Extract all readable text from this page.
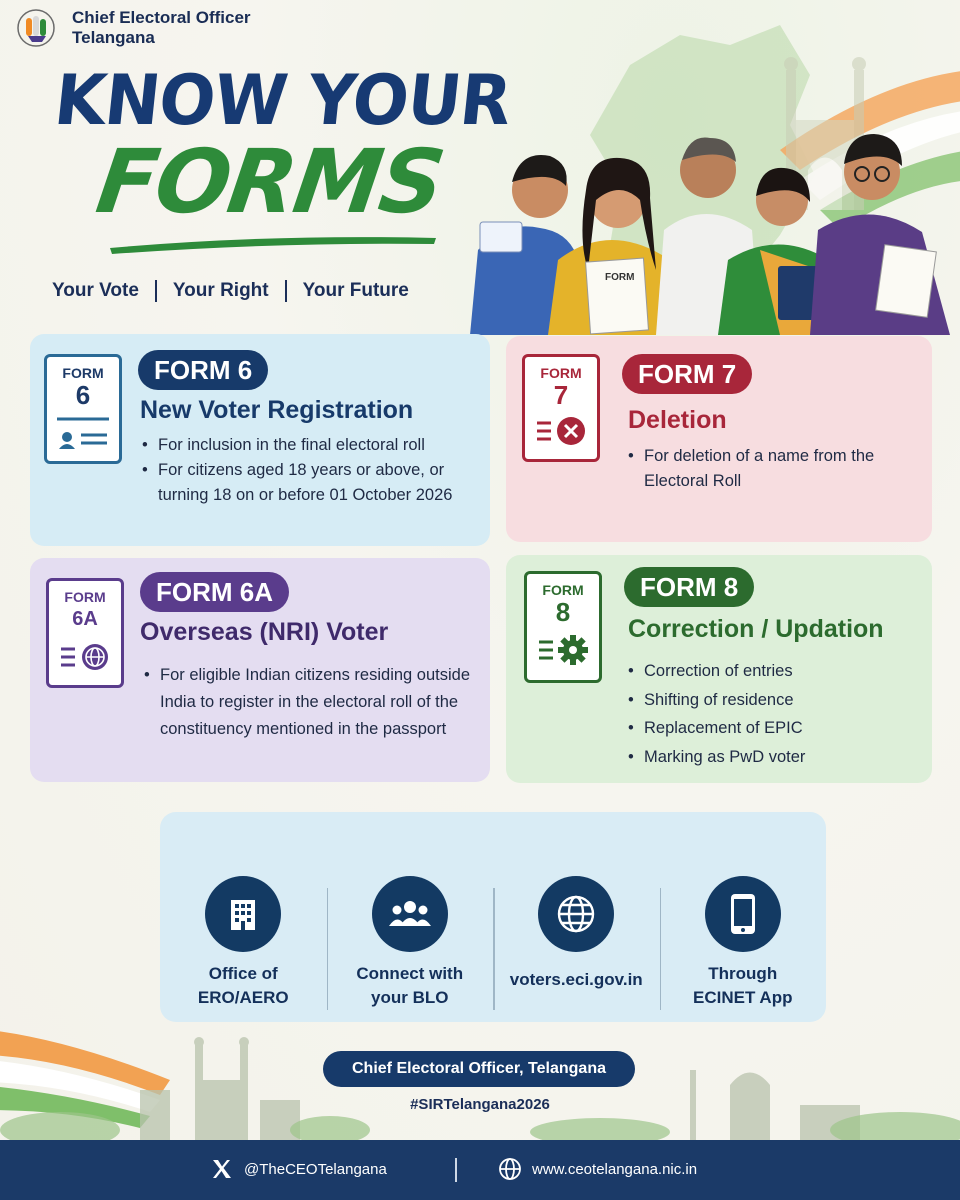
Chief Electoral Officer
Telangana
KNOW YOUR
FORMS
Your Vote Your Right Your Future
FORM
FORM
6
FORM 6
New Voter Registration
• For inclusion in the final electoral roll
• For citizens aged 18 years or above, or turning 18 on or before 01 October 2026
FORM
7
FORM 7
Deletion
• For deletion of a name from the Electoral Roll
FORM
6A
FORM 6A
Overseas (NRI) Voter
• For eligible Indian citizens residing outside India to register in the electoral roll of the constituency mentioned in the passport
FORM
8
FORM 8
Correction / Updation
• Correction of entries
• Shifting of residence
• Replacement of EPIC
• Marking as PwD voter
Office of
ERO/AERO
Connect with
your BLO
voters.eci.gov.in	Through
ECINET App
Chief Electoral Officer, Telangana
#SIRTelangana2026
@TheCEOTelangana	www.ceotelangana.nic.in
